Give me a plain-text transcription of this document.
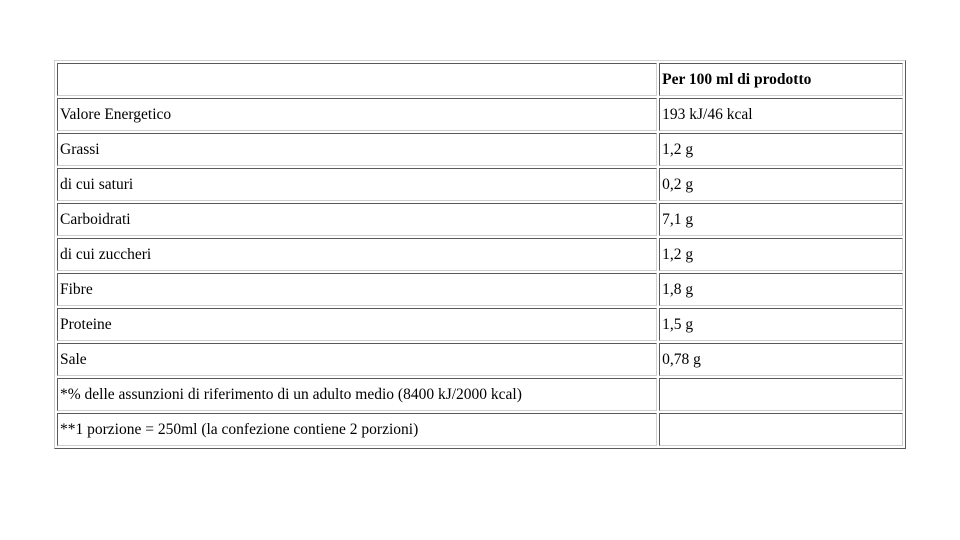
	Per 100 ml di prodotto
Valore Energetico	193 kJ/46 kcal
Grassi	1,2 g
di cui saturi	0,2 g
Carboidrati	7,1 g
di cui zuccheri	1,2 g
Fibre	1,8 g
Proteine	1,5 g
Sale	0,78 g
*% delle assunzioni di riferimento di un adulto medio (8400 kJ/2000 kcal)	
**1 porzione = 250ml (la confezione contiene 2 porzioni)	
